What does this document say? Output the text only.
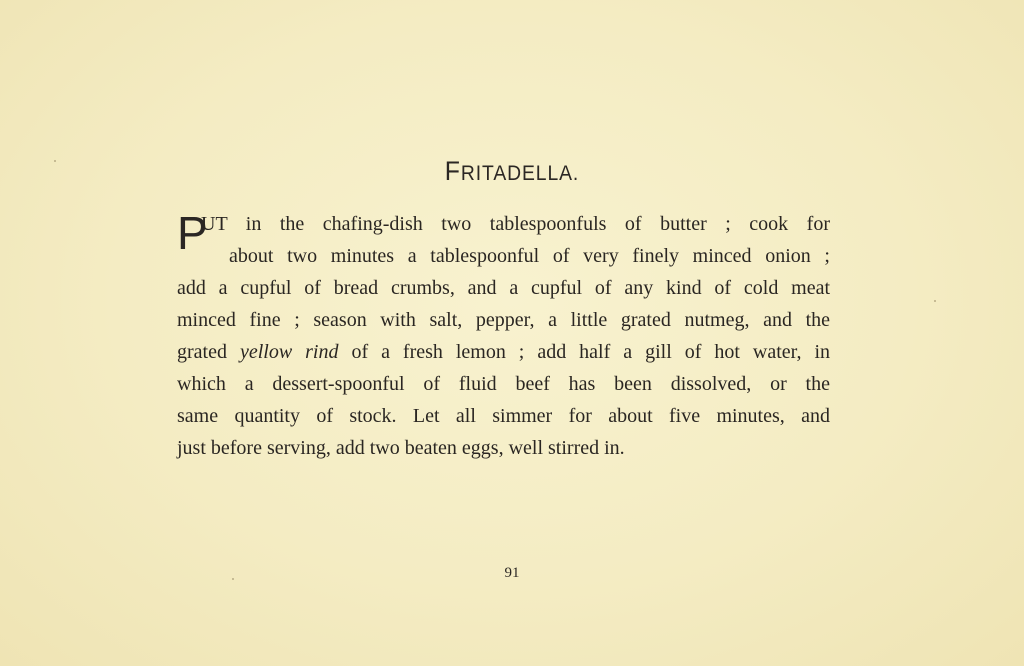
FRITADELLA.
P
UT in the chafing-dish two tablespoonfuls of butter ; cook for
about two minutes a tablespoonful of very finely minced onion ;
add a cupful of bread crumbs, and a cupful of any kind of cold meat
minced fine ; season with salt, pepper, a little grated nutmeg, and the
grated yellow rind of a fresh lemon ; add half a gill of hot water, in
which a dessert-spoonful of fluid beef has been dissolved, or the
same quantity of stock. Let all simmer for about five minutes, and
just before serving, add two beaten eggs, well stirred in.
91
